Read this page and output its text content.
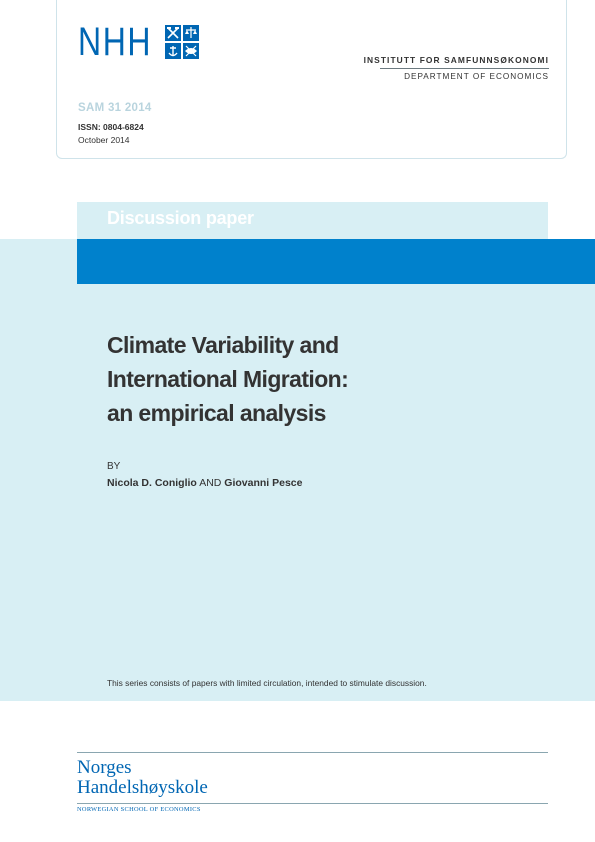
NHH	INSTITUTT FOR SAMFUNNSØKONOMI
DEPARTMENT OF ECONOMICS
SAM 31 2014
ISSN: 0804-6824
October 2014
Discussion paper
Climate Variability and
International Migration:
an empirical analysis
BY
Nicola D. Coniglio AND Giovanni Pesce
This series consists of papers with limited circulation, intended to stimulate discussion.
Norges
Handelshøyskole
NORWEGIAN SCHOOL OF ECONOMICS
